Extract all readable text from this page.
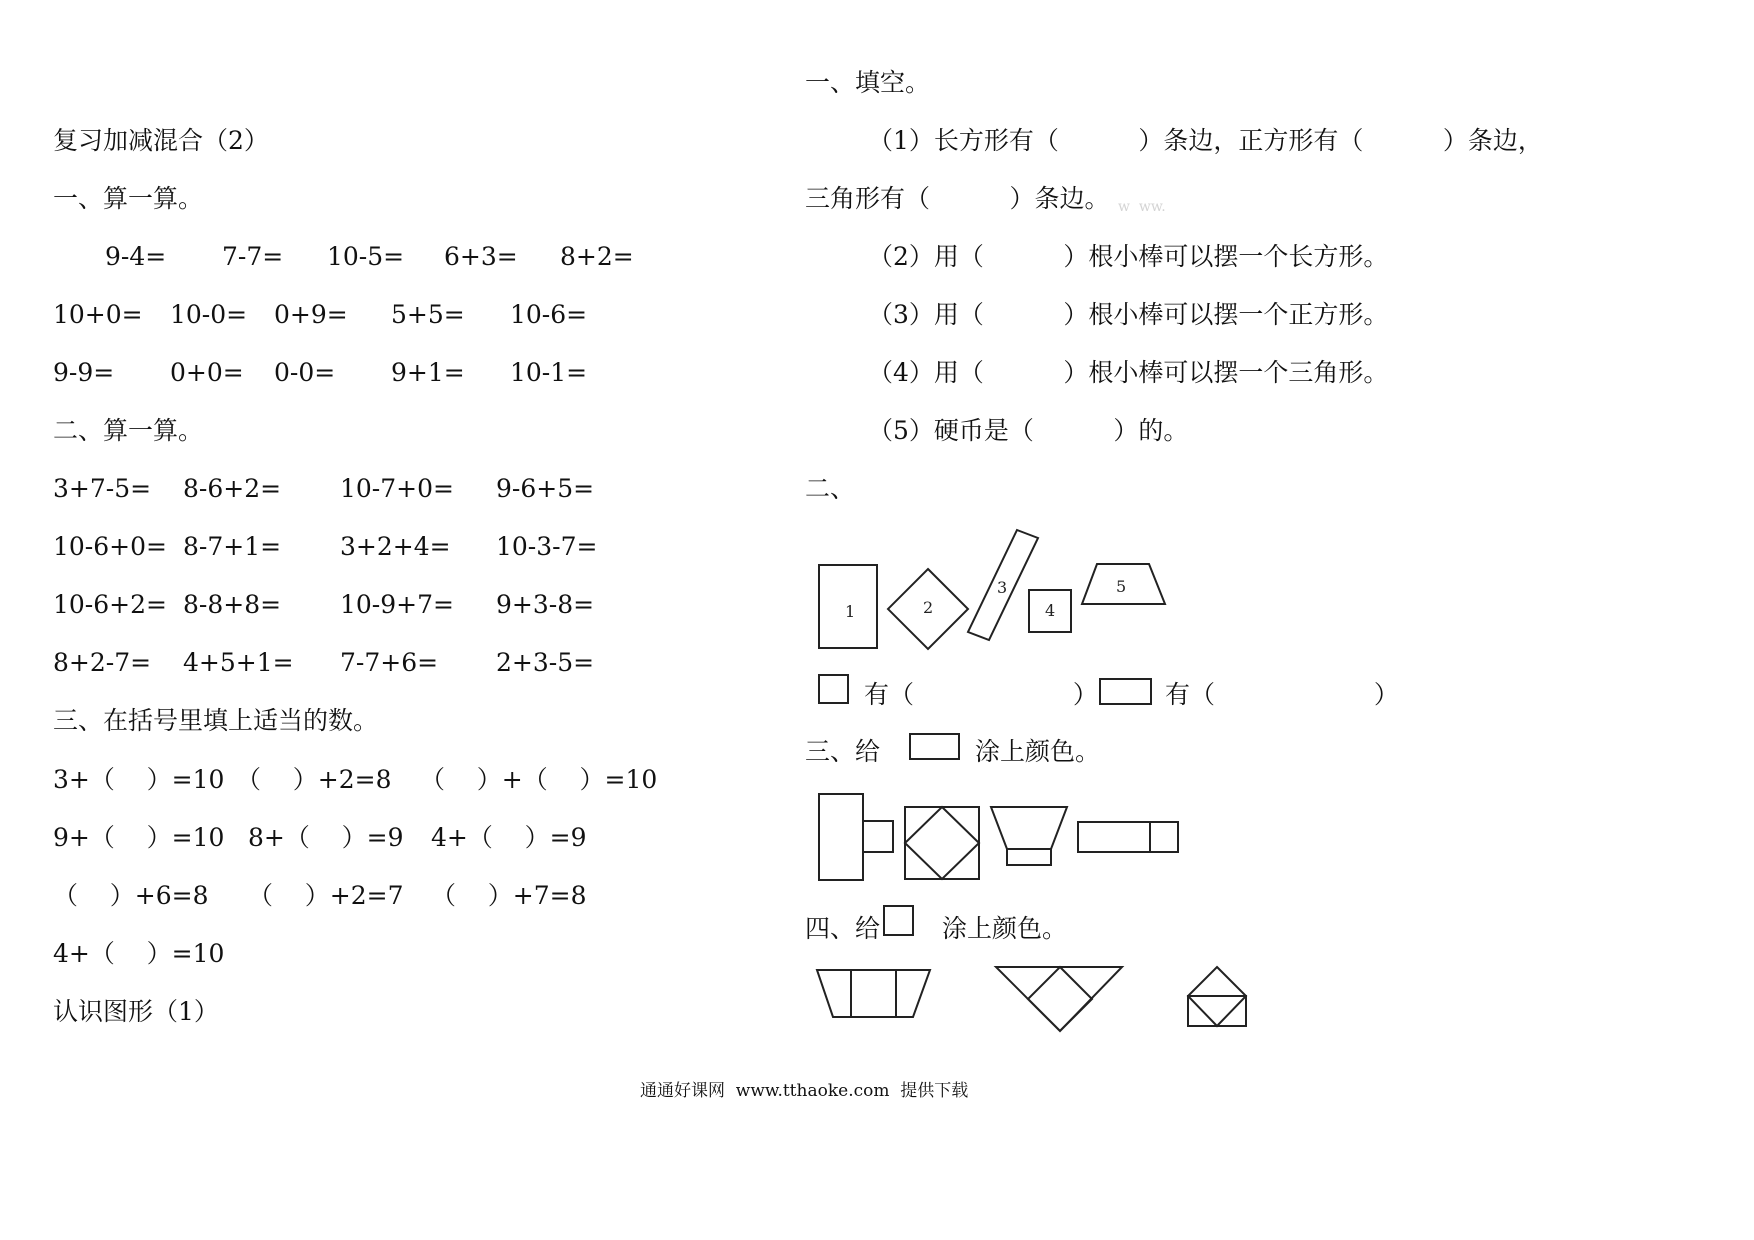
复习加减混合（2）
一、算一算。
9-4= 7-7= 10-5= 6+3= 8+2=
10+0= 10-0= 0+9= 5+5= 10-6=
9-9= 0+0= 0-0= 9+1= 10-1=
二、算一算。
3+7-5= 8-6+2= 10-7+0= 9-6+5=
10-6+0= 8-7+1= 3+2+4= 10-3-7=
10-6+2= 8-8+8= 10-9+7= 9+3-8=
8+2-7= 4+5+1= 7-7+6= 2+3-5=
三、在括号里填上适当的数。
3+（    ）=10 （    ）+2=8 （    ）+（    ）=10
9+（    ）=10 8+（    ）=9 4+（    ）=9
（    ）+6=8 （    ）+2=7 （    ）+7=8
4+（    ）=10
认识图形（1）
一、填空。
（1）长方形有（          ）条边，正方形有（          ）条边，
三角形有（          ）条边。 w  ww.
（2）用（          ）根小棒可以摆一个长方形。
（3）用（          ）根小棒可以摆一个正方形。
（4）用（          ）根小棒可以摆一个三角形。
（5）硬币是（          ）的。
二、
1	2
3
4
5
有（                    ）	有（                    ）
三、给	涂上颜色。
四、给 涂上颜色。
通通好课网  www.tthaoke.com  提供下载
